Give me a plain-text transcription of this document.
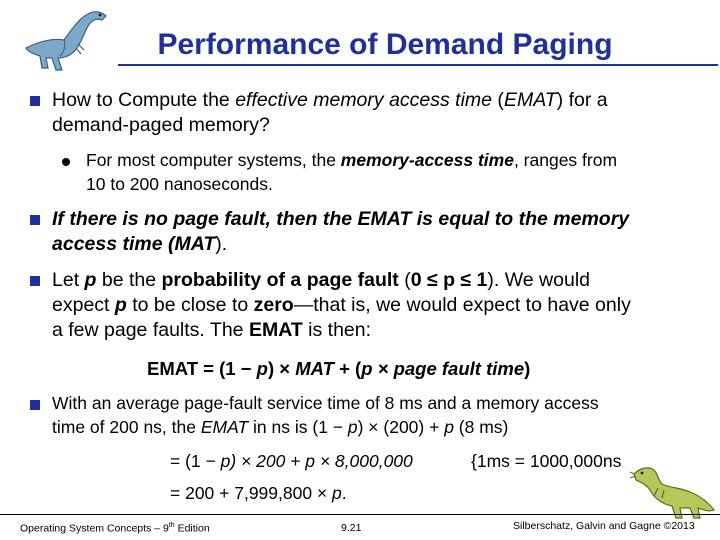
Performance of Demand Paging
How to Compute the effective memory access time (EMAT) for a
demand-paged memory?
For most computer systems, the memory-access time, ranges from
10 to 200 nanoseconds.
If there is no page fault, then the EMAT is equal to the memory
access time (MAT).
Let p be the probability of a page fault (0 ≤ p ≤ 1). We would
expect p to be close to zero—that is, we would expect to have only
a few page faults. The EMAT is then:
EMAT = (1 − p) × MAT + (p × page fault time)
With an average page-fault service time of 8 ms and a memory access
time of 200 ns, the EMAT in ns is (1 − p) × (200) + p (8 ms)
= (1 − p) × 200 + p × 8,000,000	{1ms = 1000,000ns
= 200 + 7,999,800 × p.
Operating System Concepts – 9th Edition	9.21	Silberschatz, Galvin and Gagne ©2013
